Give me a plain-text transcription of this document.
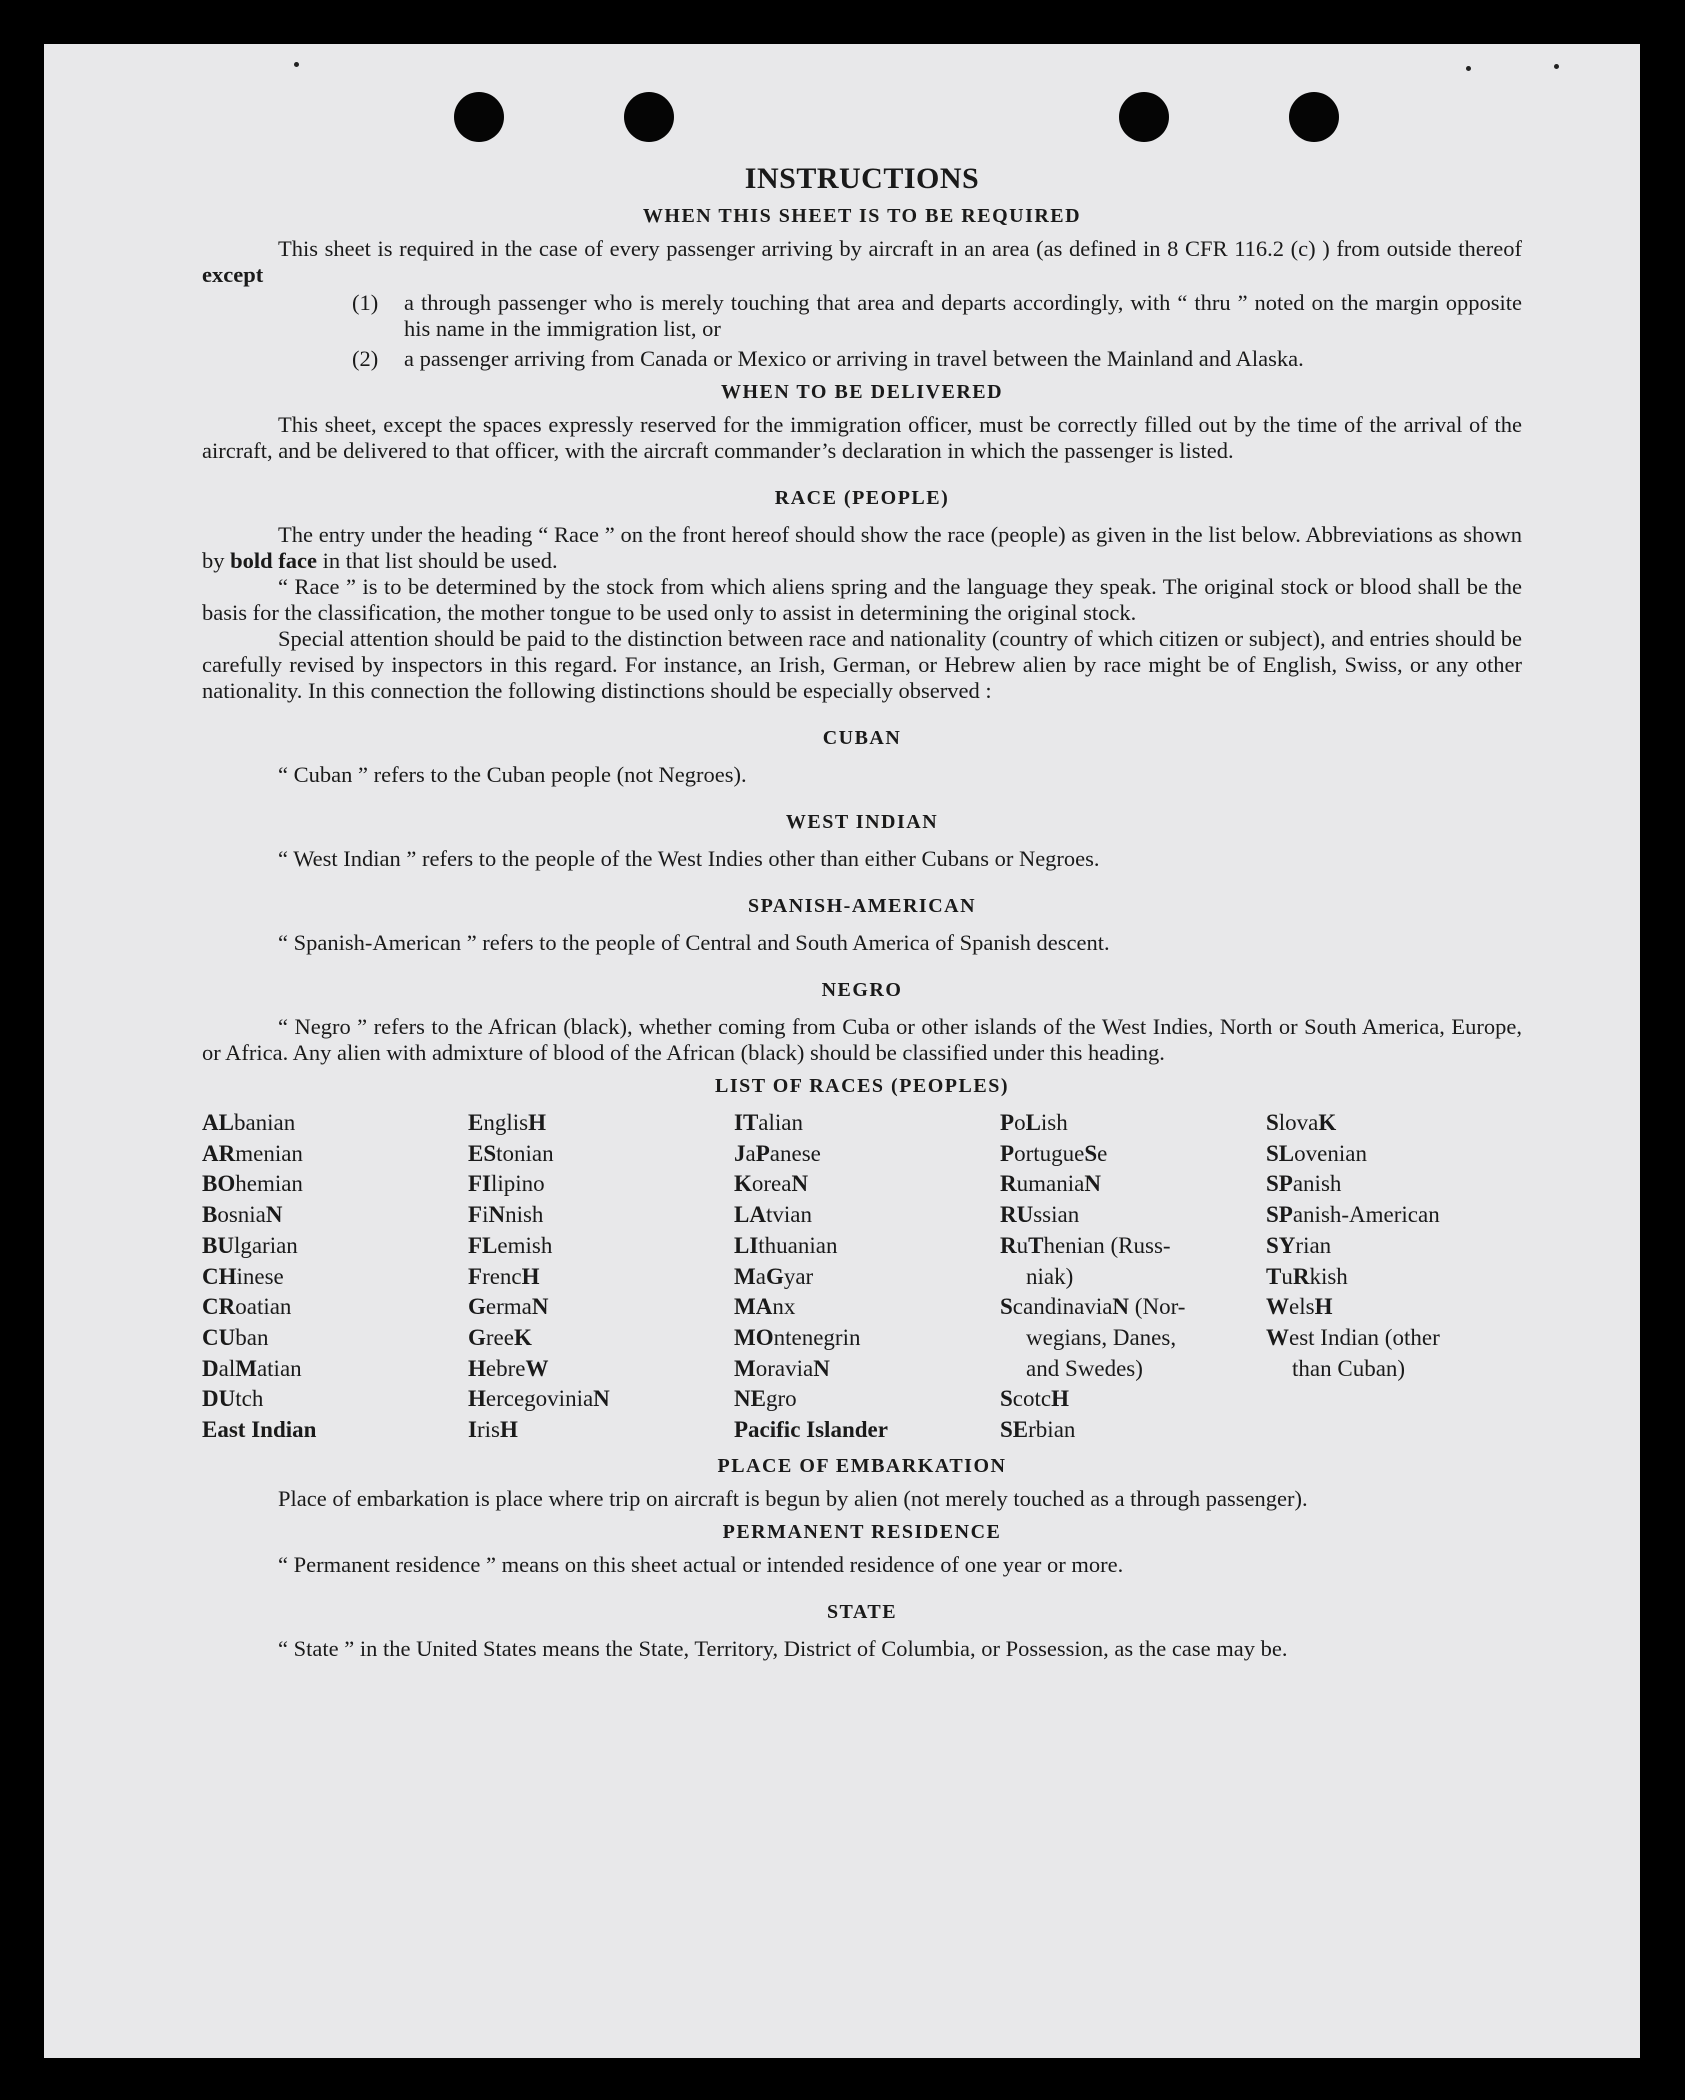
INSTRUCTIONS
WHEN THIS SHEET IS TO BE REQUIRED

This sheet is required in the case of every passenger arriving by aircraft in an area (as defined in 8 CFR 116.2 (c) ) from outside thereof except

(1)	a through passenger who is merely touching that area and departs accordingly, with “ thru ” noted on the margin opposite his name in the immigration list, or
(2)	a passenger arriving from Canada or Mexico or arriving in travel between the Mainland and Alaska.
WHEN TO BE DELIVERED

This sheet, except the spaces expressly reserved for the immigration officer, must be correctly filled out by the time of the arrival of the aircraft, and be delivered to that officer, with the aircraft commander’s declaration in which the passenger is listed.

RACE (PEOPLE)

The entry under the heading “ Race ” on the front hereof should show the race (people) as given in the list below. Abbreviations as shown by bold face in that list should be used.

“ Race ” is to be determined by the stock from which aliens spring and the language they speak. The original stock or blood shall be the basis for the classification, the mother tongue to be used only to assist in determining the original stock.

Special attention should be paid to the distinction between race and nationality (country of which citizen or subject), and entries should be carefully revised by inspectors in this regard. For instance, an Irish, German, or Hebrew alien by race might be of English, Swiss, or any other nationality. In this connection the following distinctions should be especially observed :

CUBAN

“ Cuban ” refers to the Cuban people (not Negroes).

WEST INDIAN

“ West Indian ” refers to the people of the West Indies other than either Cubans or Negroes.

SPANISH-AMERICAN

“ Spanish-American ” refers to the people of Central and South America of Spanish descent.

NEGRO

“ Negro ” refers to the African (black), whether coming from Cuba or other islands of the West Indies, North or South America, Europe, or Africa. Any alien with admixture of blood of the African (black) should be classified under this heading.

LIST OF RACES (PEOPLES)
ALbanian
ARmenian
BOhemian
BosniaN
BUlgarian
CHinese
CRoatian
CUban
DalMatian
DUtch
East Indian
EnglisH
EStonian
FIlipino
FiNnish
FLemish
FrencH
GermaN
GreeK
HebreW
HercegoviniaN
IrisH
ITalian
JaPanese
KoreaN
LAtvian
LIthuanian
MaGyar
MAnx
MOntenegrin
MoraviaN
NEgro
Pacific Islander
PoLish
PortugueSe
RumaniaN
RUssian
RuThenian (Russ-
niak)
ScandinaviaN (Nor-
wegians, Danes,
and Swedes)
ScotcH
SErbian
SlovaK
SLovenian
SPanish
SPanish-American
SYrian
TuRkish
WelsH
West Indian (other
than Cuban)
PLACE OF EMBARKATION

Place of embarkation is place where trip on aircraft is begun by alien (not merely touched as a through passenger).

PERMANENT RESIDENCE

“ Permanent residence ” means on this sheet actual or intended residence of one year or more.

STATE

“ State ” in the United States means the State, Territory, District of Columbia, or Possession, as the case may be.
